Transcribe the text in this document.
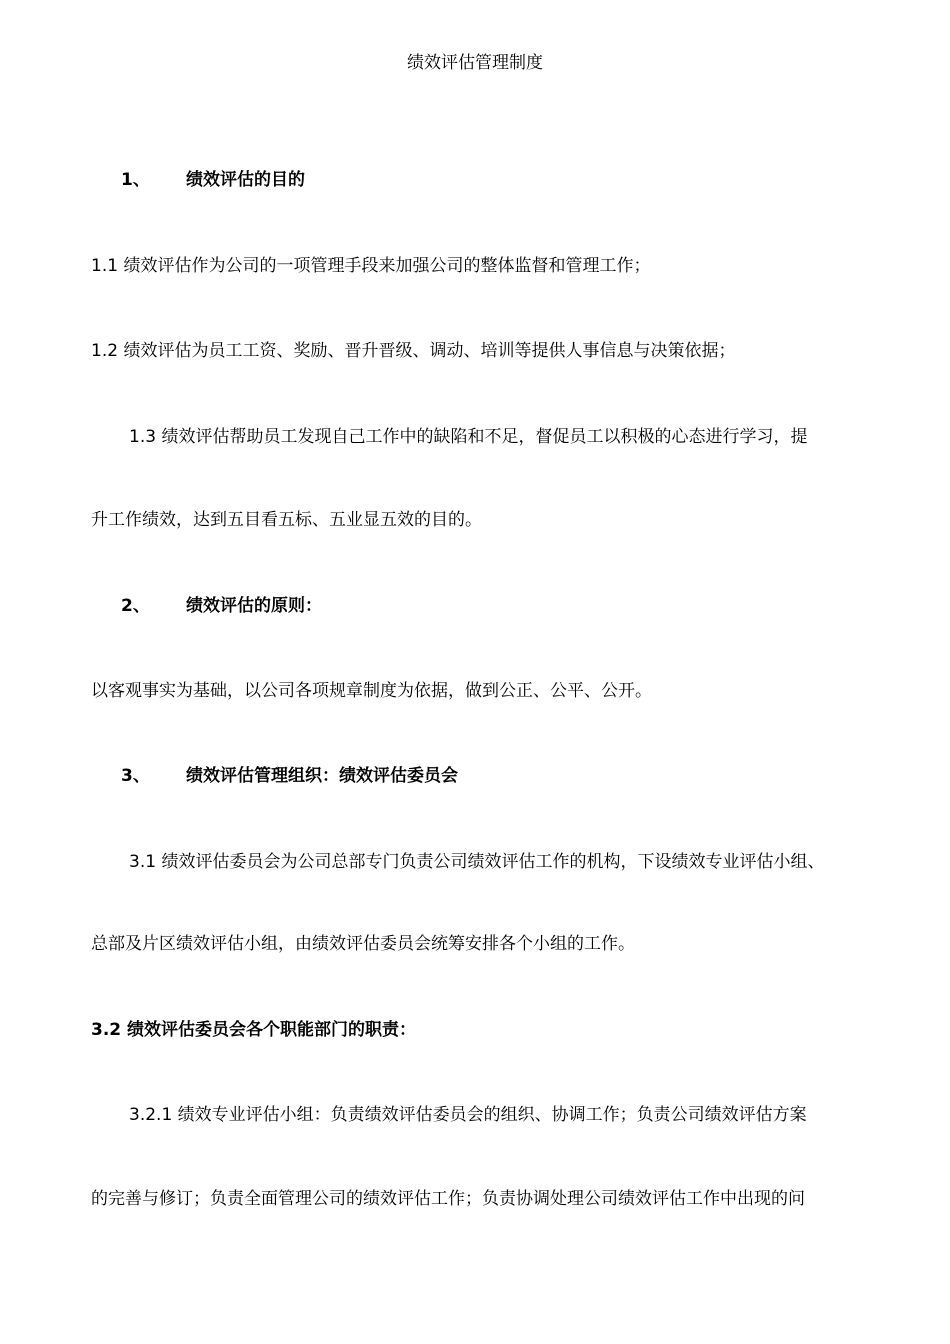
绩效评估管理制度
1、 绩效评估的目的
1.1 绩效评估作为公司的一项管理手段来加强公司的整体监督和管理工作；
1.2 绩效评估为员工工资、奖励、晋升晋级、调动、培训等提供人事信息与决策依据；
1.3 绩效评估帮助员工发现自己工作中的缺陷和不足，督促员工以积极的心态进行学习，提
升工作绩效，达到五目看五标、五业显五效的目的。
2、 绩效评估的原则：
以客观事实为基础，以公司各项规章制度为依据，做到公正、公平、公开。
3、 绩效评估管理组织：绩效评估委员会
3.1 绩效评估委员会为公司总部专门负责公司绩效评估工作的机构，下设绩效专业评估小组、
总部及片区绩效评估小组，由绩效评估委员会统筹安排各个小组的工作。
3.2 绩效评估委员会各个职能部门的职责：
3.2.1 绩效专业评估小组：负责绩效评估委员会的组织、协调工作；负责公司绩效评估方案
的完善与修订；负责全面管理公司的绩效评估工作；负责协调处理公司绩效评估工作中出现的问
